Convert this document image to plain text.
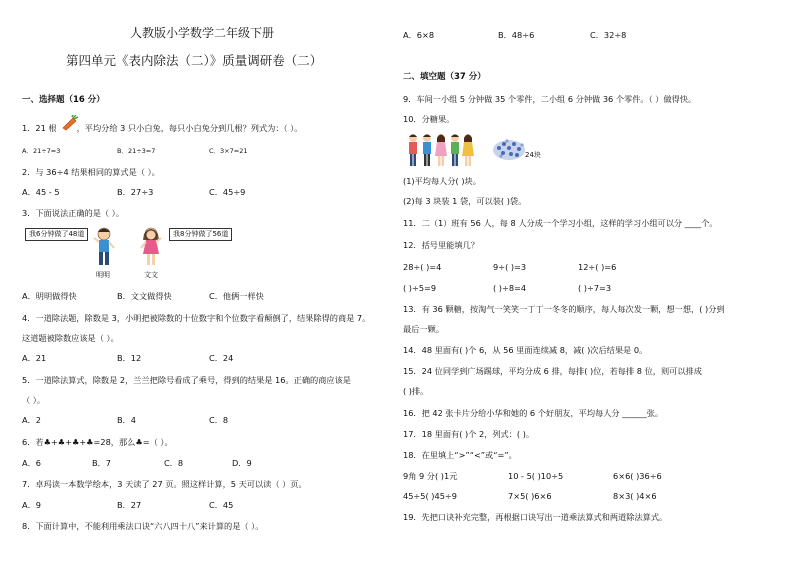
人教版小学数学二年级下册
第四单元《表内除法（二）》质量调研卷（二）
一、选择题（16 分）
1．21 根 ，平均分给 3 只小白兔，每只小白兔分到几根？列式为：（ ）。
A．21÷7=3	B．21÷3=7	C．3×7=21
2．与 36÷4 结果相同的算式是（ ）。
A．45 - 5	B．27÷3	C．45÷9
3．下面说法正确的是（ ）。
我6分钟做了48道	我8分钟做了56道
明明	文文
A．明明做得快	B．文文做得快	C．他俩一样快
4．一道除法题，除数是 3，小明把被除数的十位数字和个位数字看颠倒了，结果除得的商是 7。
这道题被除数应该是（ ）。
A．21	B．12	C．24
5．一道除法算式，除数是 2，兰兰把除号看成了乘号，得到的结果是 16。正确的商应该是
（ ）。
A．2	B．4	C．8
6．若♣+♣+♣+♣=28，那么♣=（ ）。
A．6	B．7	C．8	D．9
7．卓玛读一本数学绘本，3 天读了 27 页。照这样计算，5 天可以读（ ）页。
A．9	B．27	C．45
8．下面计算中，不能利用乘法口诀“六八四十八”来计算的是（ ）。
A．6×8	B．48÷6	C．32÷8
二、填空题（37 分）
9．车间一小组 5 分钟做 35 个零件，二小组 6 分钟做 36 个零件。（ ）做得快。
10．分糖果。
24块
(1)平均每人分( )块。
(2)每 3 块装 1 袋，可以装( )袋。
11．二（1）班有 56 人，每 8 人分成一个学习小组，这样的学习小组可以分 ____个。
12．括号里能填几？
28÷( )=4	9÷( )=3	12÷( )=6
( )÷5=9	( )÷8=4	( )÷7=3
13．有 36 颗糖，按淘气一笑笑一丁丁一冬冬的顺序，每人每次发一颗，想一想，( )分到
最后一颗。
14．48 里面有( )个 6，从 56 里面连续减 8，减( )次后结果是 0。
15．24 位同学到广场踢球，平均分成 6 排，每排( )位，若每排 8 位，则可以排成
( )排。
16．把 42 张卡片分给小华和她的 6 个好朋友，平均每人分 ______张。
17．18 里面有( )个 2，列式：( )。
18．在里填上“>”“<”或“=”。
9角 9 分( )1元	10 - 5( )10÷5	6×6( )36÷6
45÷5( )45÷9	7×5( )6×6	8×3( )4×6
19．先把口诀补充完整，再根据口诀写出一道乘法算式和两道除法算式。
